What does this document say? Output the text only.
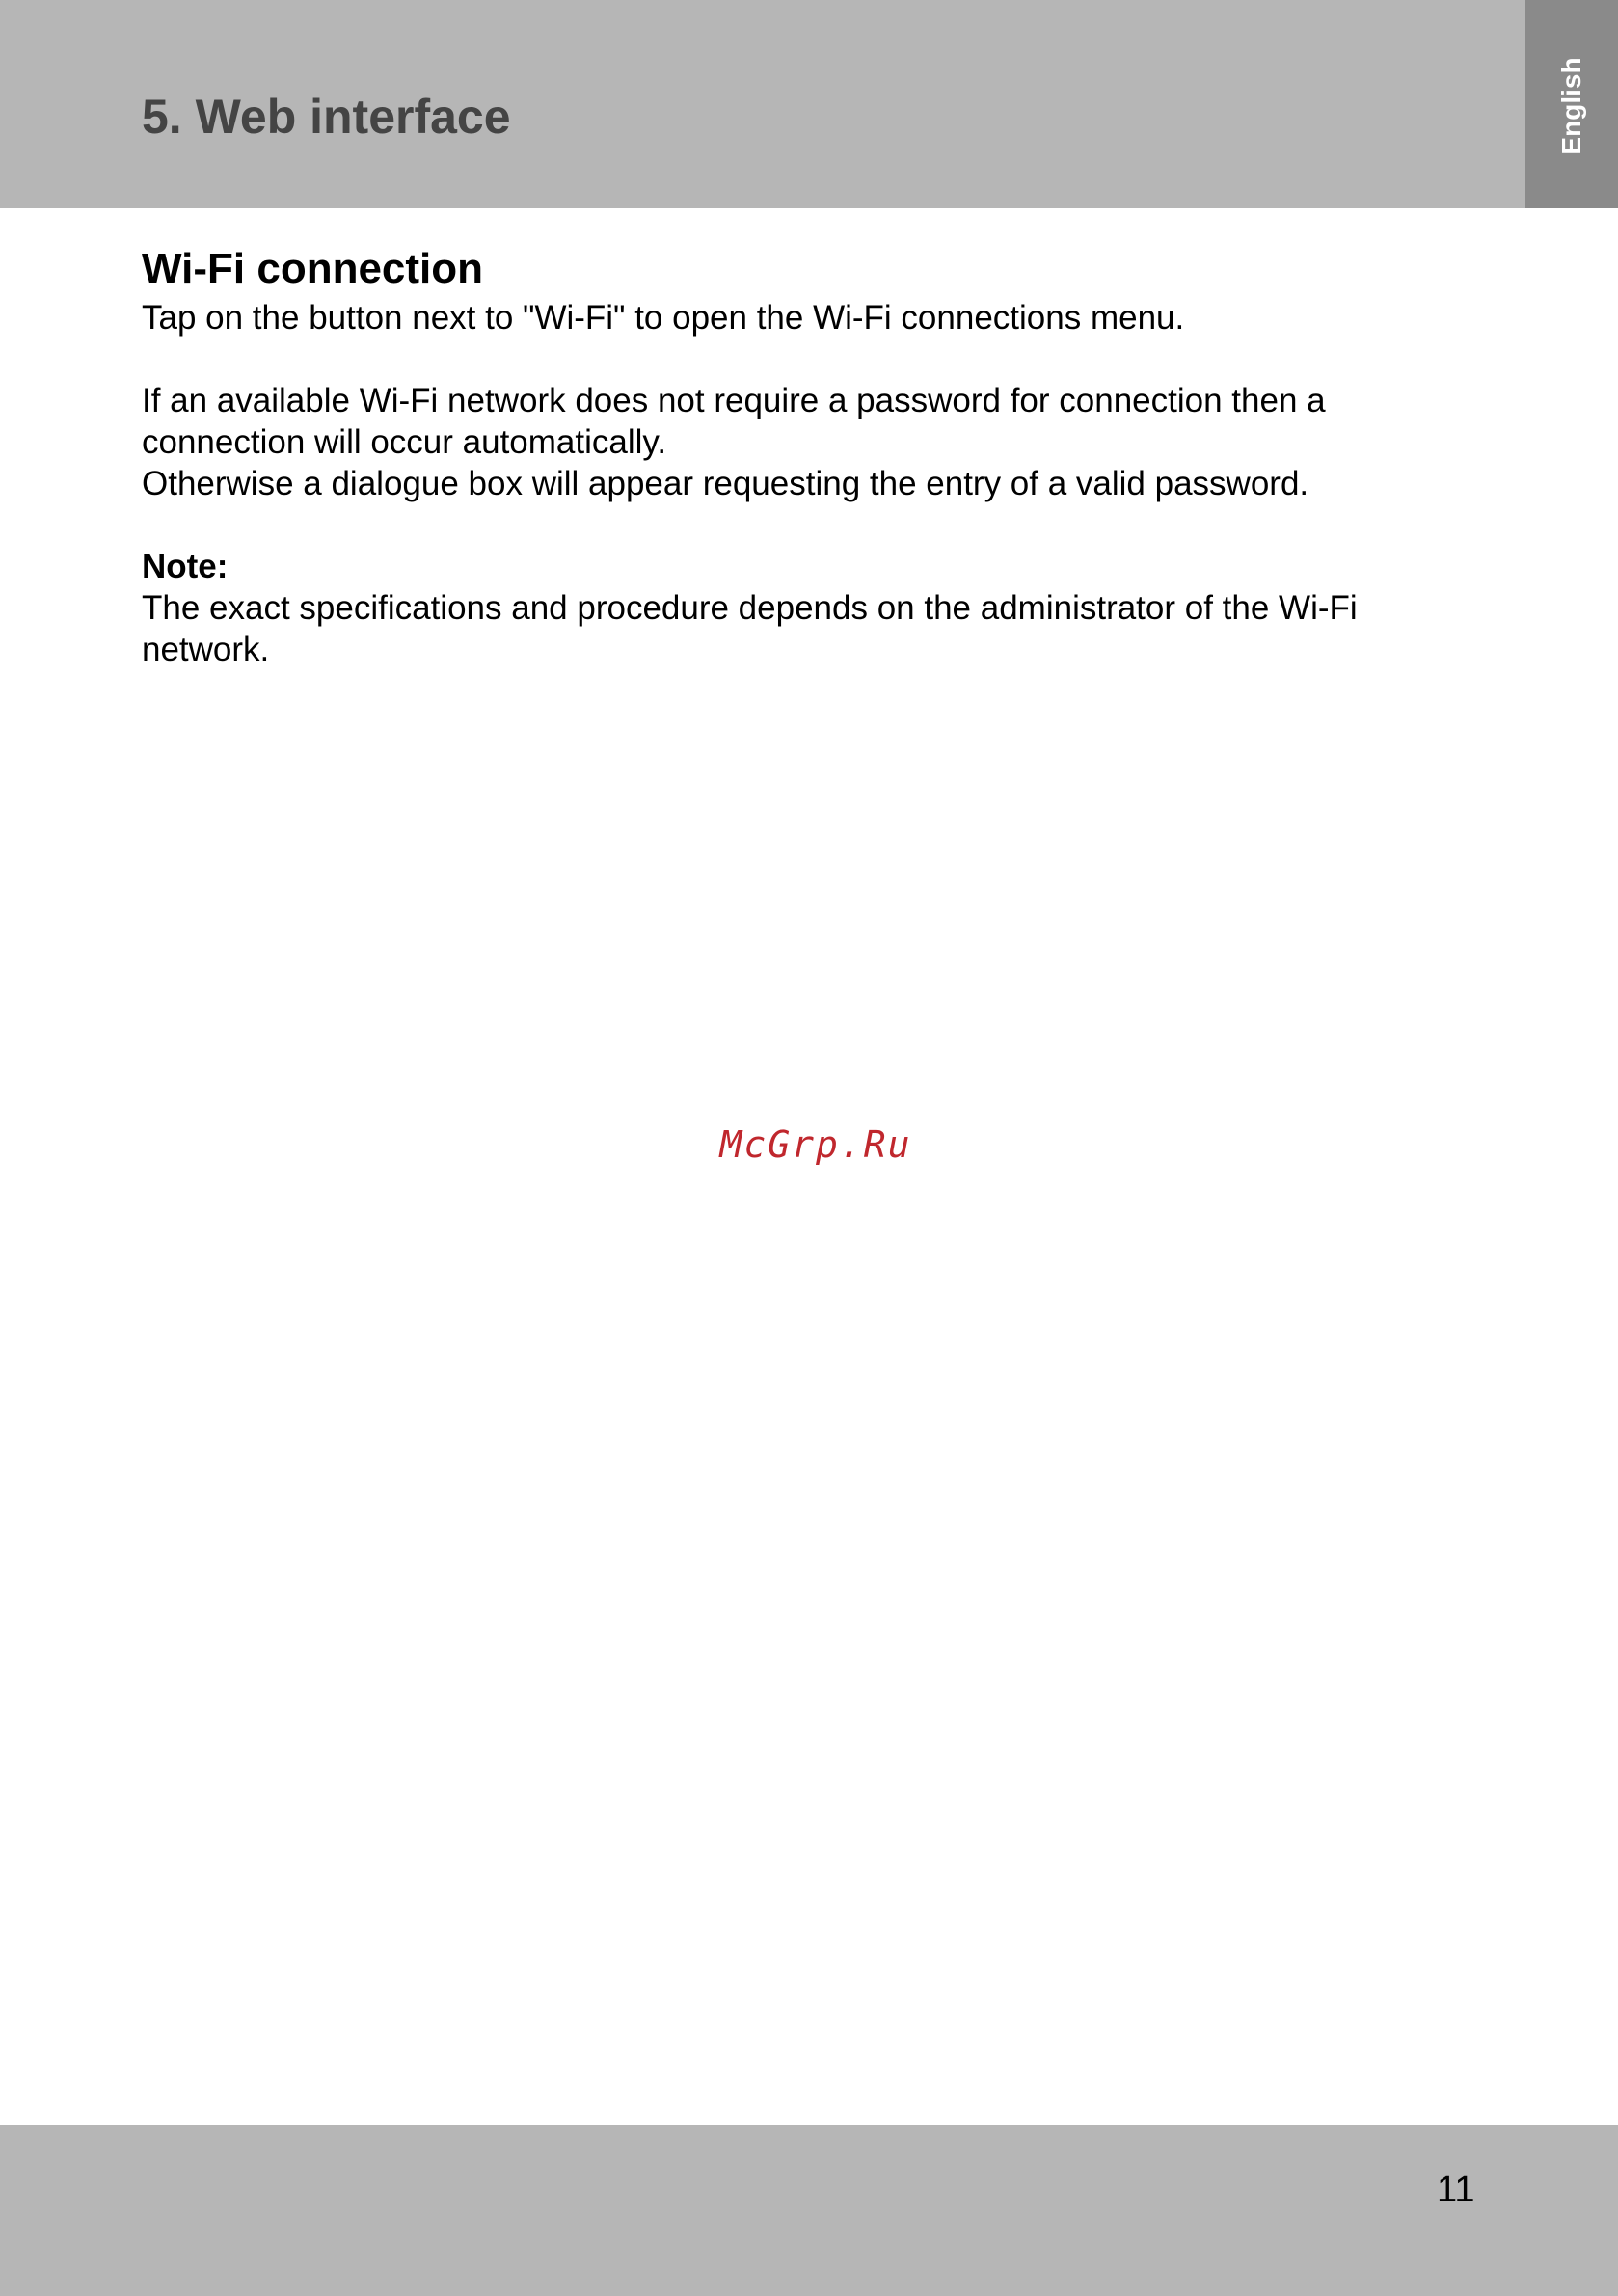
5. Web interface	English
Wi-Fi connection

Tap on the button next to "Wi-Fi" to open the Wi-Fi connections menu.

If an available Wi-Fi network does not require a password for connection then a

connection will occur automatically.

Otherwise a dialogue box will appear requesting the entry of a valid password.

Note:

The exact specifications and procedure depends on the administrator of the Wi-Fi

network.

McGrp.Ru
11
